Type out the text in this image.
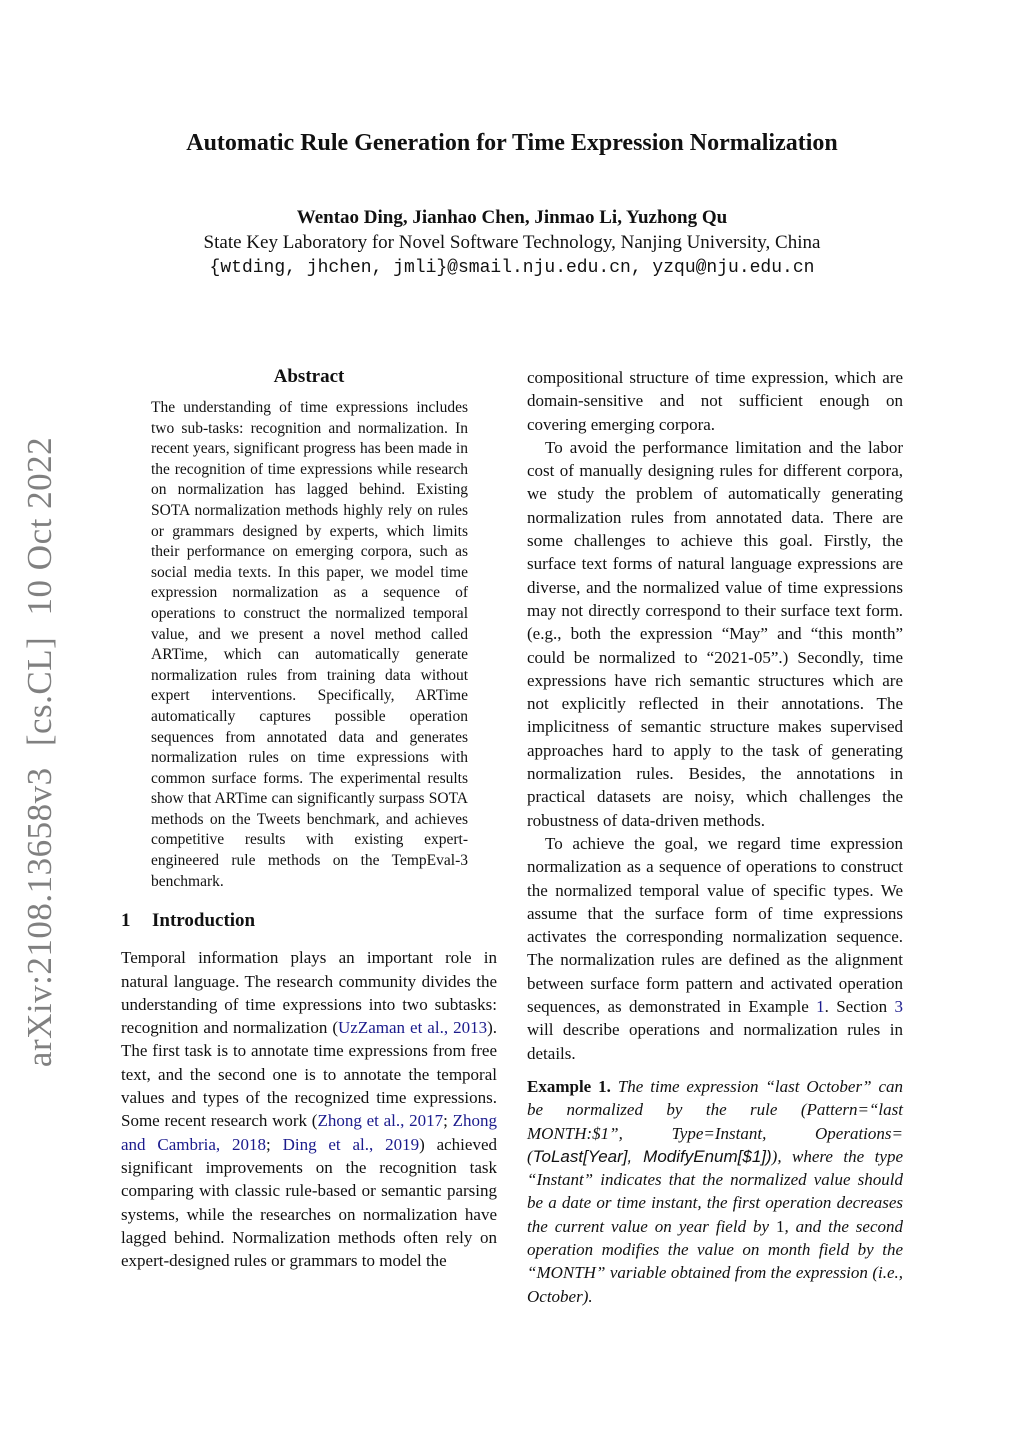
Automatic Rule Generation for Time Expression Normalization
Wentao Ding, Jianhao Chen, Jinmao Li, Yuzhong Qu
State Key Laboratory for Novel Software Technology, Nanjing University, China
{wtding, jhchen, jmli}@smail.nju.edu.cn, yzqu@nju.edu.cn
arXiv:2108.13658v3 [cs.CL] 10 Oct 2022
Abstract

The understanding of time expressions includes two sub-tasks: recognition and normalization. In recent years, significant progress has been made in the recognition of time expressions while research on normalization has lagged behind. Existing SOTA normalization methods highly rely on rules or grammars designed by experts, which limits their performance on emerging corpora, such as social media texts. In this paper, we model time expression normalization as a sequence of operations to construct the normalized temporal value, and we present a novel method called ARTime, which can automatically generate normalization rules from training data without expert interventions. Specifically, ARTime automatically captures possible operation sequences from annotated data and generates normalization rules on time expressions with common surface forms. The experimental results show that ARTime can significantly surpass SOTA methods on the Tweets benchmark, and achieves competitive results with existing expert-engineered rule methods on the TempEval-3 benchmark.

1 Introduction

Temporal information plays an important role in natural language. The research community divides the understanding of time expressions into two subtasks: recognition and normalization (UzZaman et al., 2013). The first task is to annotate time expressions from free text, and the second one is to annotate the temporal values and types of the recognized time expressions. Some recent research work (Zhong et al., 2017; Zhong and Cambria, 2018; Ding et al., 2019) achieved significant improvements on the recognition task comparing with classic rule-based or semantic parsing systems, while the researches on normalization have lagged behind. Normalization methods often rely on expert-designed rules or grammars to model the

compositional structure of time expression, which are domain-sensitive and not sufficient enough on covering emerging corpora.

To avoid the performance limitation and the labor cost of manually designing rules for different corpora, we study the problem of automatically generating normalization rules from annotated data. There are some challenges to achieve this goal. Firstly, the surface text forms of natural language expressions are diverse, and the normalized value of time expressions may not directly correspond to their surface text form. (e.g., both the expression “May” and “this month” could be normalized to “2021-05”.) Secondly, time expressions have rich semantic structures which are not explicitly reflected in their annotations. The implicitness of semantic structure makes supervised approaches hard to apply to the task of generating normalization rules. Besides, the annotations in practical datasets are noisy, which challenges the robustness of data-driven methods.

To achieve the goal, we regard time expression normalization as a sequence of operations to construct the normalized temporal value of specific types. We assume that the surface form of time expressions activates the corresponding normalization sequence. The normalization rules are defined as the alignment between surface form pattern and activated operation sequences, as demonstrated in Example 1. Section 3 will describe operations and normalization rules in details.

Example 1. The time expression “last October” can be normalized by the rule (Pattern=“last MONTH:$1”, Type=Instant, Operations=(ToLast[Year], ModifyEnum[$1])), where the type “Instant” indicates that the normalized value should be a date or time instant, the first operation decreases the current value on year field by 1, and the second operation modifies the value on month field by the “MONTH” variable obtained from the expression (i.e., October).
